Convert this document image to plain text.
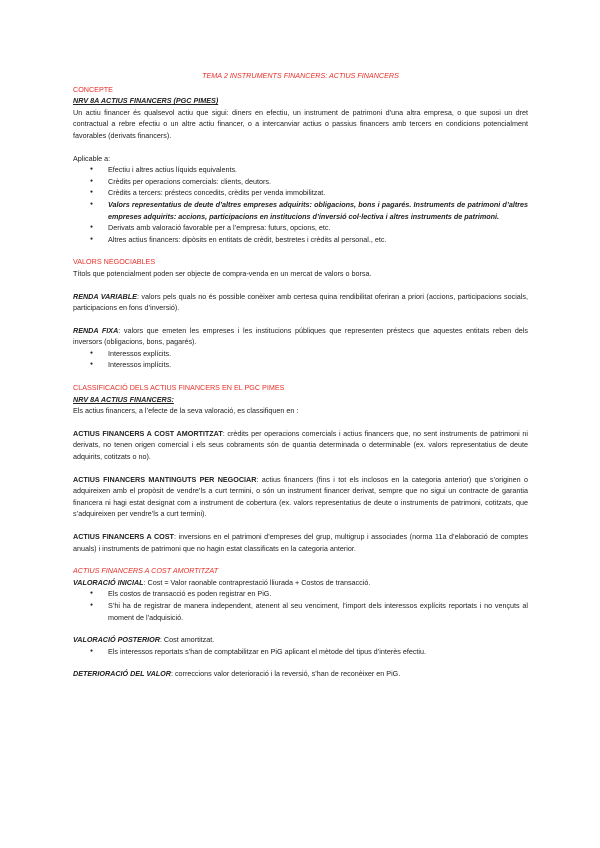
TEMA 2 INSTRUMENTS FINANCERS: ACTIUS FINANCERS

CONCEPTE

NRV 8A ACTIUS FINANCERS (PGC PIMES)

Un actiu financer és qualsevol actiu que sigui: diners en efectiu, un instrument de patrimoni d’una altra empresa, o que suposi un dret contractual a rebre efectiu o un altre actiu financer, o a intercanviar actius o passius financers amb tercers en condicions potencialment favorables (derivats financers).

Aplicable a:

● Efectiu i altres actius líquids equivalents.
● Crèdits per operacions comercials: clients, deutors.
● Crèdits a tercers: préstecs concedits, crèdits per venda immobilitzat.
● Valors representatius de deute d’altres empreses adquirits: obligacions, bons i pagarés. Instruments de patrimoni d’altres empreses adquirits: accions, participacions en institucions d’inversió col·lectiva i altres instruments de patrimoni.
● Derivats amb valoració favorable per a l’empresa: futurs, opcions, etc.
● Altres actius financers: dipòsits en entitats de crèdit, bestretes i crèdits al personal., etc.

VALORS NEGOCIABLES

Títols que potencialment poden ser objecte de compra-venda en un mercat de valors o borsa.

RENDA VARIABLE: valors pels quals no és possible conèixer amb certesa quina rendibilitat oferiran a priori (accions, participacions socials, participacions en fons d’inversió).

RENDA FIXA: valors que emeten les empreses i les institucions públiques que representen préstecs que aquestes entitats reben dels inversors (obligacions, bons, pagarés).

● Interessos explícits.
● Interessos implícits.

CLASSIFICACIÓ DELS ACTIUS FINANCERS EN EL PGC PIMES

NRV 8A ACTIUS FINANCERS:

Els actius financers, a l’efecte de la seva valoració, es classifiquen en :

ACTIUS FINANCERS A COST AMORTITZAT: crèdits per operacions comercials i actius financers que, no sent instruments de patrimoni ni derivats, no tenen origen comercial i els seus cobraments són de quantia determinada o determinable (ex. valors representatius de deute adquirits, cotitzats o no).

ACTIUS FINANCERS MANTINGUTS PER NEGOCIAR: actius financers (fins i tot els inclosos en la categoria anterior) que s’originen o adquireixen amb el propòsit de vendre’ls a curt termini, o són un instrument financer derivat, sempre que no sigui un contracte de garantia financera ni hagi estat designat com a instrument de cobertura (ex. valors representatius de deute o instruments de patrimoni, cotitzats, que s’adquireixen per vendre’ls a curt termini).

ACTIUS FINANCERS A COST: inversions en el patrimoni d’empreses del grup, multigrup i associades (norma 11a d’elaboració de comptes anuals) i instruments de patrimoni que no hagin estat classificats en la categoria anterior.

ACTIUS FINANCERS A COST AMORTITZAT

VALORACIÓ INICIAL: Cost = Valor raonable contraprestació lliurada + Costos de transacció.

● Els costos de transacció es poden registrar en PiG.
● S’hi ha de registrar de manera independent, atenent al seu venciment, l’import dels interessos explícits reportats i no vençuts al moment de l’adquisició.

VALORACIÓ POSTERIOR: Cost amortitzat.

● Els interessos reportats s’han de comptabilitzar en PiG aplicant el mètode del tipus d’interès efectiu.

DETERIORACIÓ DEL VALOR: correccions valor deterioració i la reversió, s’han de reconèixer en PiG.
